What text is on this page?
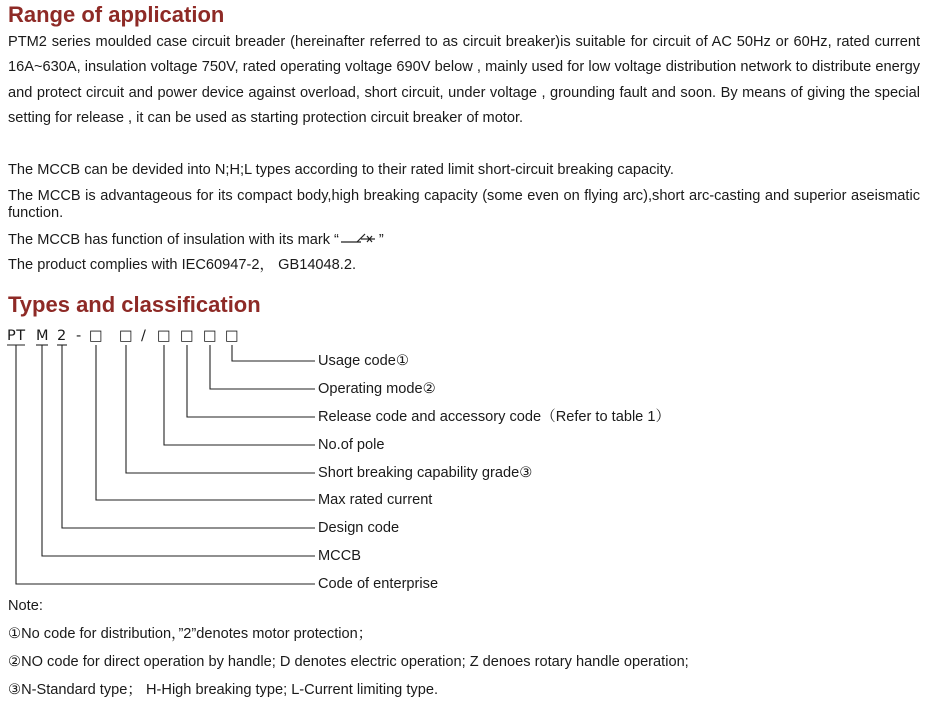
Range of application
PTM2 series moulded case circuit breader (hereinafter referred to as circuit breaker)is suitable for circuit of AC 50Hz or 60Hz, rated current 16A~630A, insulation voltage 750V, rated operating voltage 690V below , mainly used for low voltage distribution network to distribute energy and protect circuit and power device against overload, short circuit, under voltage , grounding fault and soon. By means of giving the special setting for release , it can be used as starting protection circuit breaker of motor.
The MCCB can be devided into N;H;L types according to their rated limit short-circuit breaking capacity.
The MCCB is advantageous for its compact body,high breaking capacity (some even on flying arc),short arc-casting and superior aseismatic function.
The MCCB has function of insulation with its mark “	”
The product complies with IEC60947-2， GB14048.2.
Types and classification
PT M 2 - □ □ / □ □ □ □
Usage code①
Operating mode②
Release code and accessory code（Refer to table 1）
No.of pole
Short breaking capability grade③
Max rated current
Design code
MCCB
Code of enterprise
Note:
①No code for distribution，”2”denotes motor protection；
②NO code for direct operation by handle; D denotes electric operation; Z denoes rotary handle operation;
③N-Standard type； H-High breaking type; L-Current limiting type.
